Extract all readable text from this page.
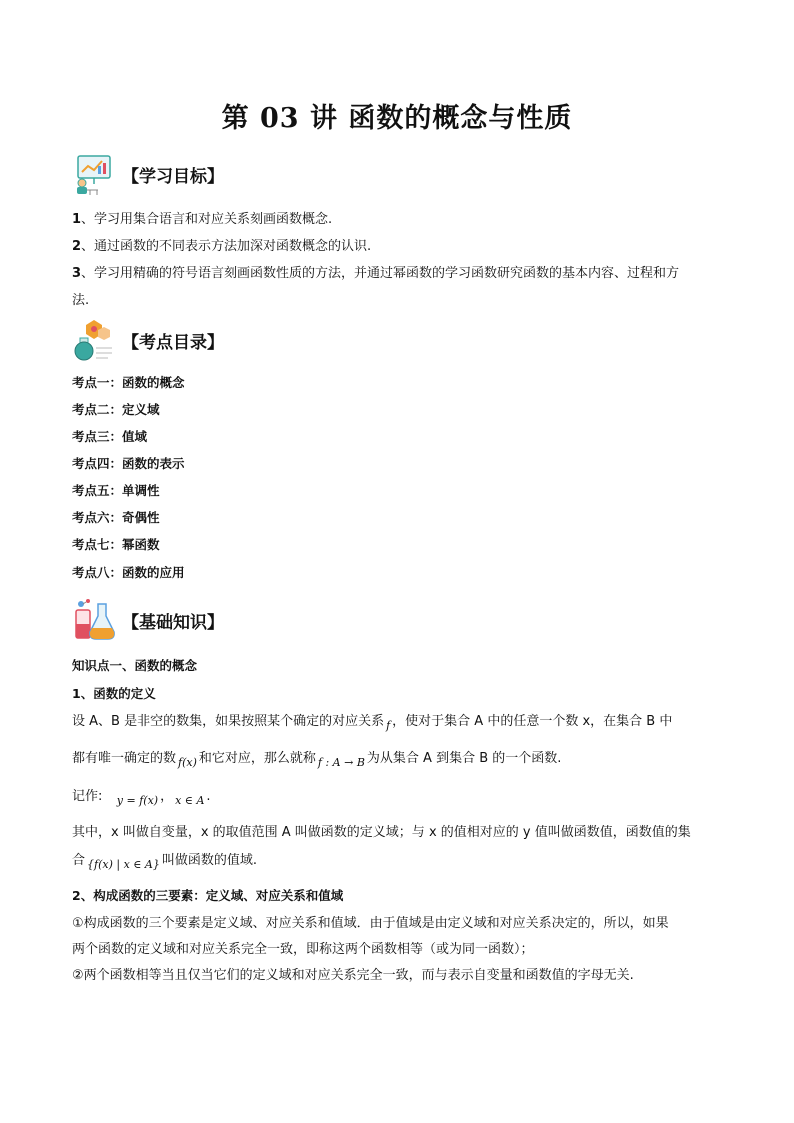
第 03 讲 函数的概念与性质
【学习目标】
1、学习用集合语言和对应关系刻画函数概念.
2、通过函数的不同表示方法加深对函数概念的认识.
3、学习用精确的符号语言刻画函数性质的方法，并通过幂函数的学习函数研究函数的基本内容、过程和方
法.
【考点目录】
考点一：函数的概念
考点二：定义域
考点三：值域
考点四：函数的表示
考点五：单调性
考点六：奇偶性
考点七：幂函数
考点八：函数的应用
【基础知识】
知识点一、函数的概念
1、函数的定义
设 A、B 是非空的数集，如果按照某个确定的对应关系 f ，使对于集合 A 中的任意一个数 x，在集合 B 中
都有唯一确定的数 f(x) 和它对应，那么就称 f : A → B 为从集合 A 到集合 B 的一个函数.
记作: y = f(x) ， x ∈ A .
其中，x 叫做自变量，x 的取值范围 A 叫做函数的定义域；与 x 的值相对应的 y 值叫做函数值，函数值的集
合 {f(x) | x ∈ A} 叫做函数的值域.
2、构成函数的三要素：定义域、对应关系和值域
①构成函数的三个要素是定义域、对应关系和值域．由于值域是由定义域和对应关系决定的，所以，如果
两个函数的定义域和对应关系完全一致，即称这两个函数相等（或为同一函数）；
②两个函数相等当且仅当它们的定义域和对应关系完全一致，而与表示自变量和函数值的字母无关.
